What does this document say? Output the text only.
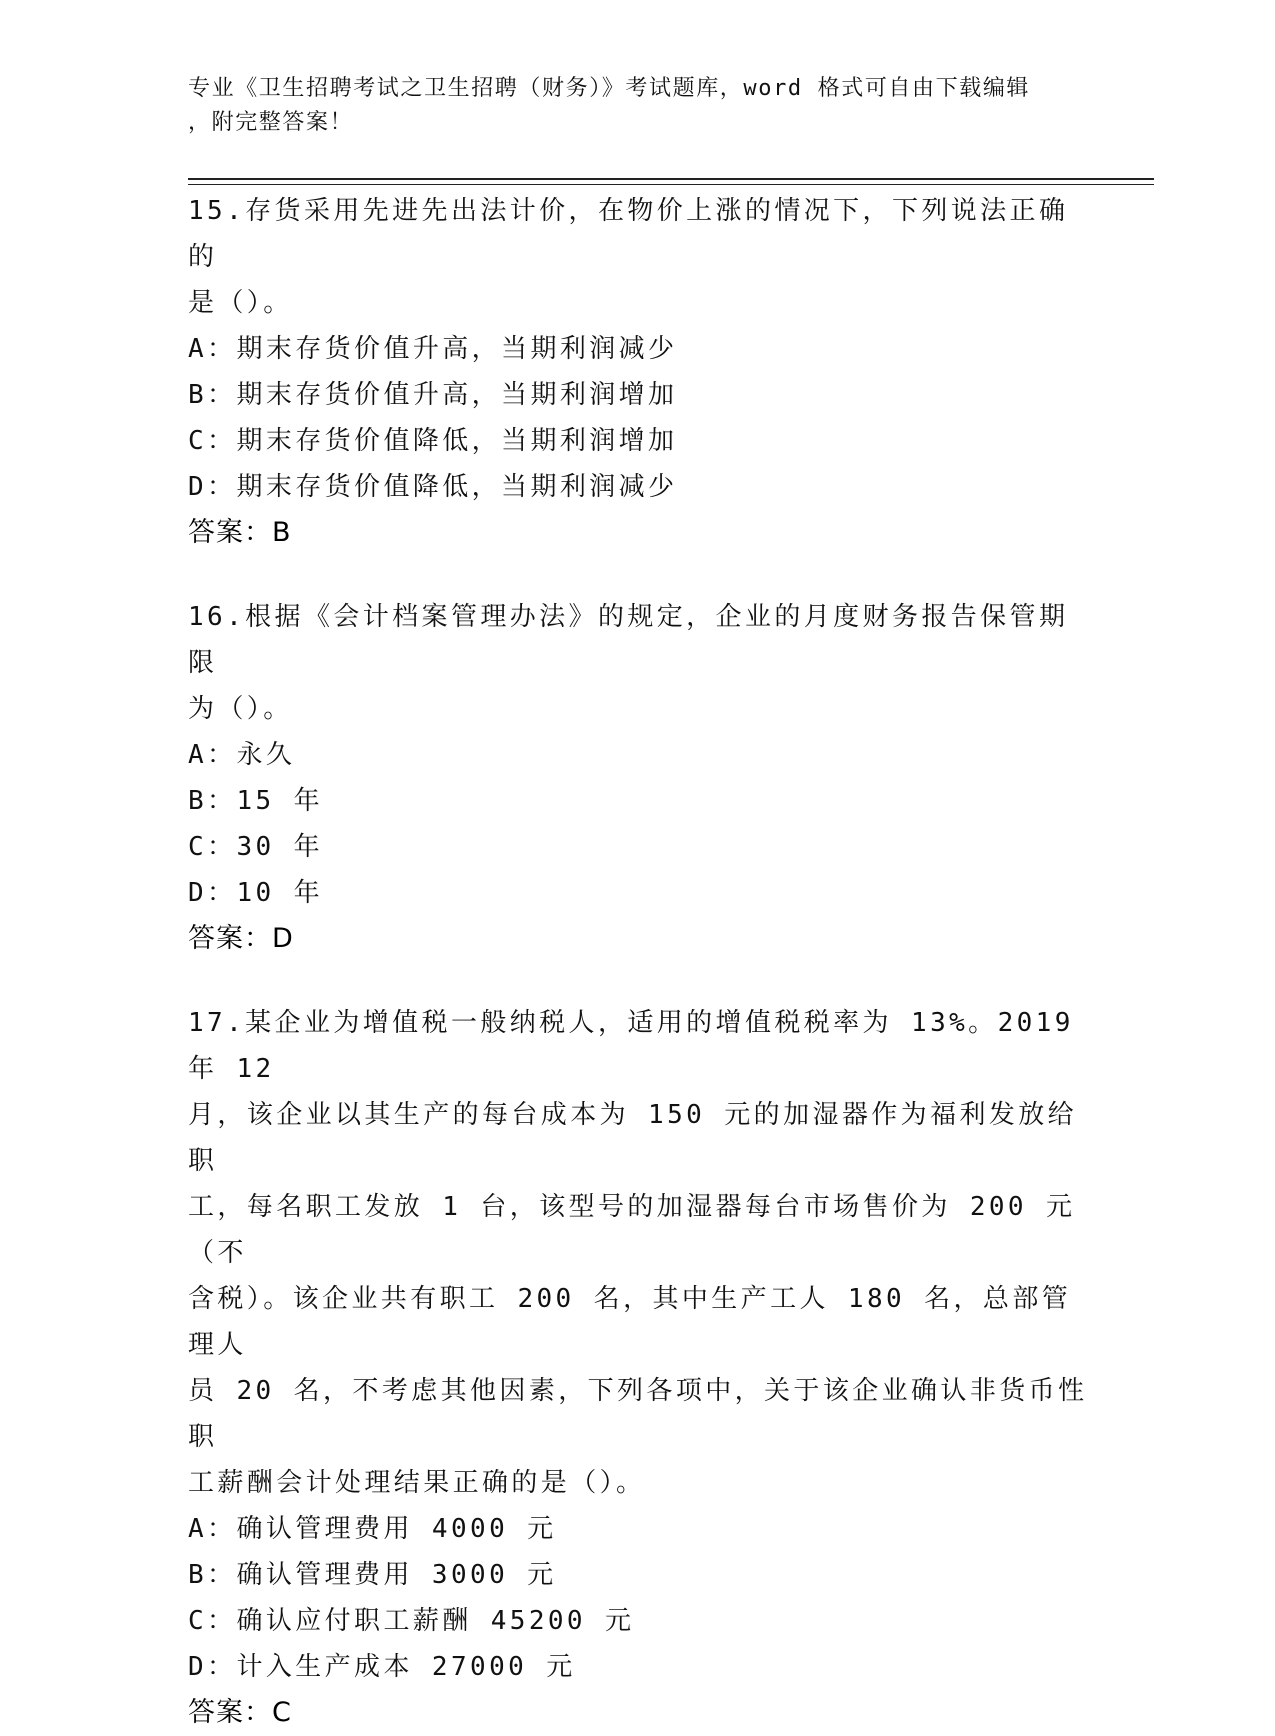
专业《卫生招聘考试之卫生招聘（财务）》考试题库，word 格式可自由下载编辑
，附完整答案！
15.存货采用先进先出法计价，在物价上涨的情况下，下列说法正确的
是（）。
A：期末存货价值升高，当期利润减少
B：期末存货价值升高，当期利润增加
C：期末存货价值降低，当期利润增加
D：期末存货价值降低，当期利润减少
答案：B
16.根据《会计档案管理办法》的规定，企业的月度财务报告保管期限
为（）。
A：永久
B：15 年
C：30 年
D：10 年
答案：D
17.某企业为增值税一般纳税人，适用的增值税税率为 13%。2019 年 12
月，该企业以其生产的每台成本为 150 元的加湿器作为福利发放给职
工，每名职工发放 1 台，该型号的加湿器每台市场售价为 200 元（不
含税）。该企业共有职工 200 名，其中生产工人 180 名，总部管理人
员 20 名，不考虑其他因素，下列各项中，关于该企业确认非货币性职
工薪酬会计处理结果正确的是（）。
A：确认管理费用 4000 元
B：确认管理费用 3000 元
C：确认应付职工薪酬 45200 元
D：计入生产成本 27000 元
答案：C
